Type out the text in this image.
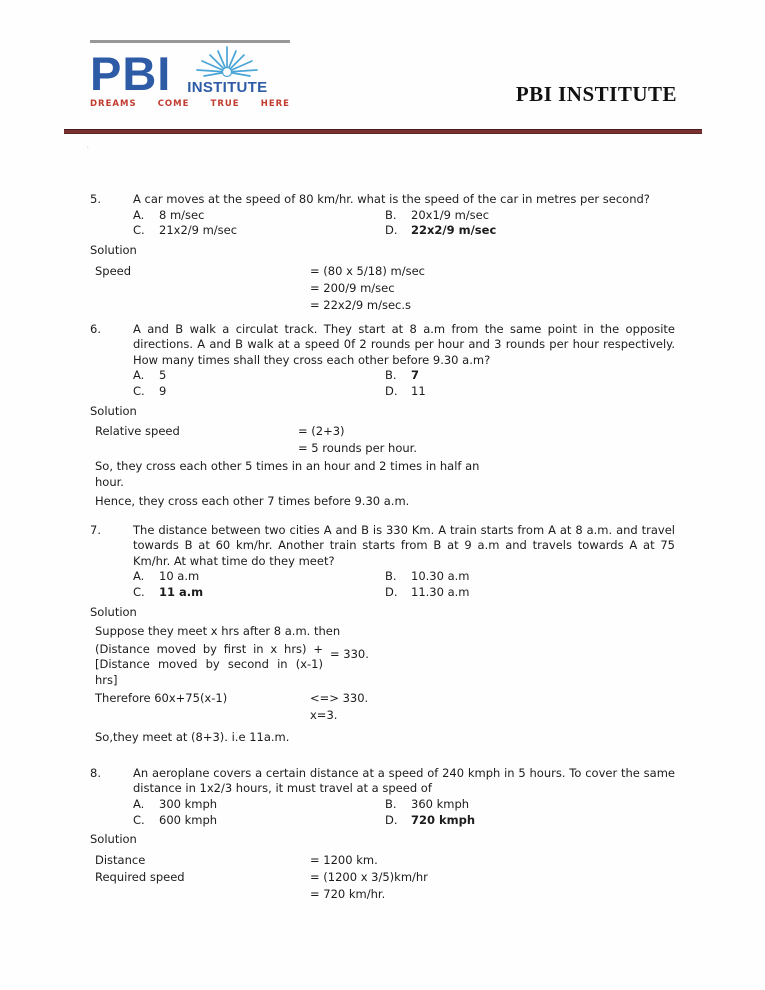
PBI INSTITUTE
DREAMS COME TRUE HERE	PBI INSTITUTE
.
5.	A car moves at the speed of 80 km/hr. what is the speed of the car in metres per second?
A. 8 m/sec	B. 20x1/9 m/sec
C. 21x2/9 m/sec	D. 22x2/9 m/sec
Solution
Speed	= (80 x 5/18) m/sec
= 200/9 m/sec
= 22x2/9 m/sec.s
6.	A and B walk a circulat track. They start at 8 a.m from the same point in the opposite directions. A and B walk at a speed 0f 2 rounds per hour and 3 rounds per hour respectively. How many times shall they cross each other before 9.30 a.m?
A. 5	B. 7
C. 9	D. 11
Solution
Relative speed	= (2+3)
= 5 rounds per hour.
So, they cross each other 5 times in an hour and 2 times in half an hour.
Hence, they cross each other 7 times before 9.30 a.m.
7.	The distance between two cities A and B is 330 Km. A train starts from A at 8 a.m. and travel towards B at 60 km/hr. Another train starts from B at 9 a.m and travels towards A at 75 Km/hr. At what time do they meet?
A. 10 a.m	B. 10.30 a.m
C. 11 a.m	D. 11.30 a.m
Solution
Suppose they meet x hrs after 8 a.m. then
(Distance moved by first in x hrs) +
[Distance moved by second in (x-1)
hrs]
= 330.
Therefore 60x+75(x-1)	<=> 330.
x=3.
So,they meet at (8+3). i.e 11a.m.
8.	An aeroplane covers a certain distance at a speed of 240 kmph in 5 hours. To cover the same distance in 1x2/3 hours, it must travel at a speed of
A. 300 kmph	B. 360 kmph
C. 600 kmph	D. 720 kmph
Solution
Distance	= 1200 km.
Required speed	= (1200 x 3/5)km/hr
= 720 km/hr.
